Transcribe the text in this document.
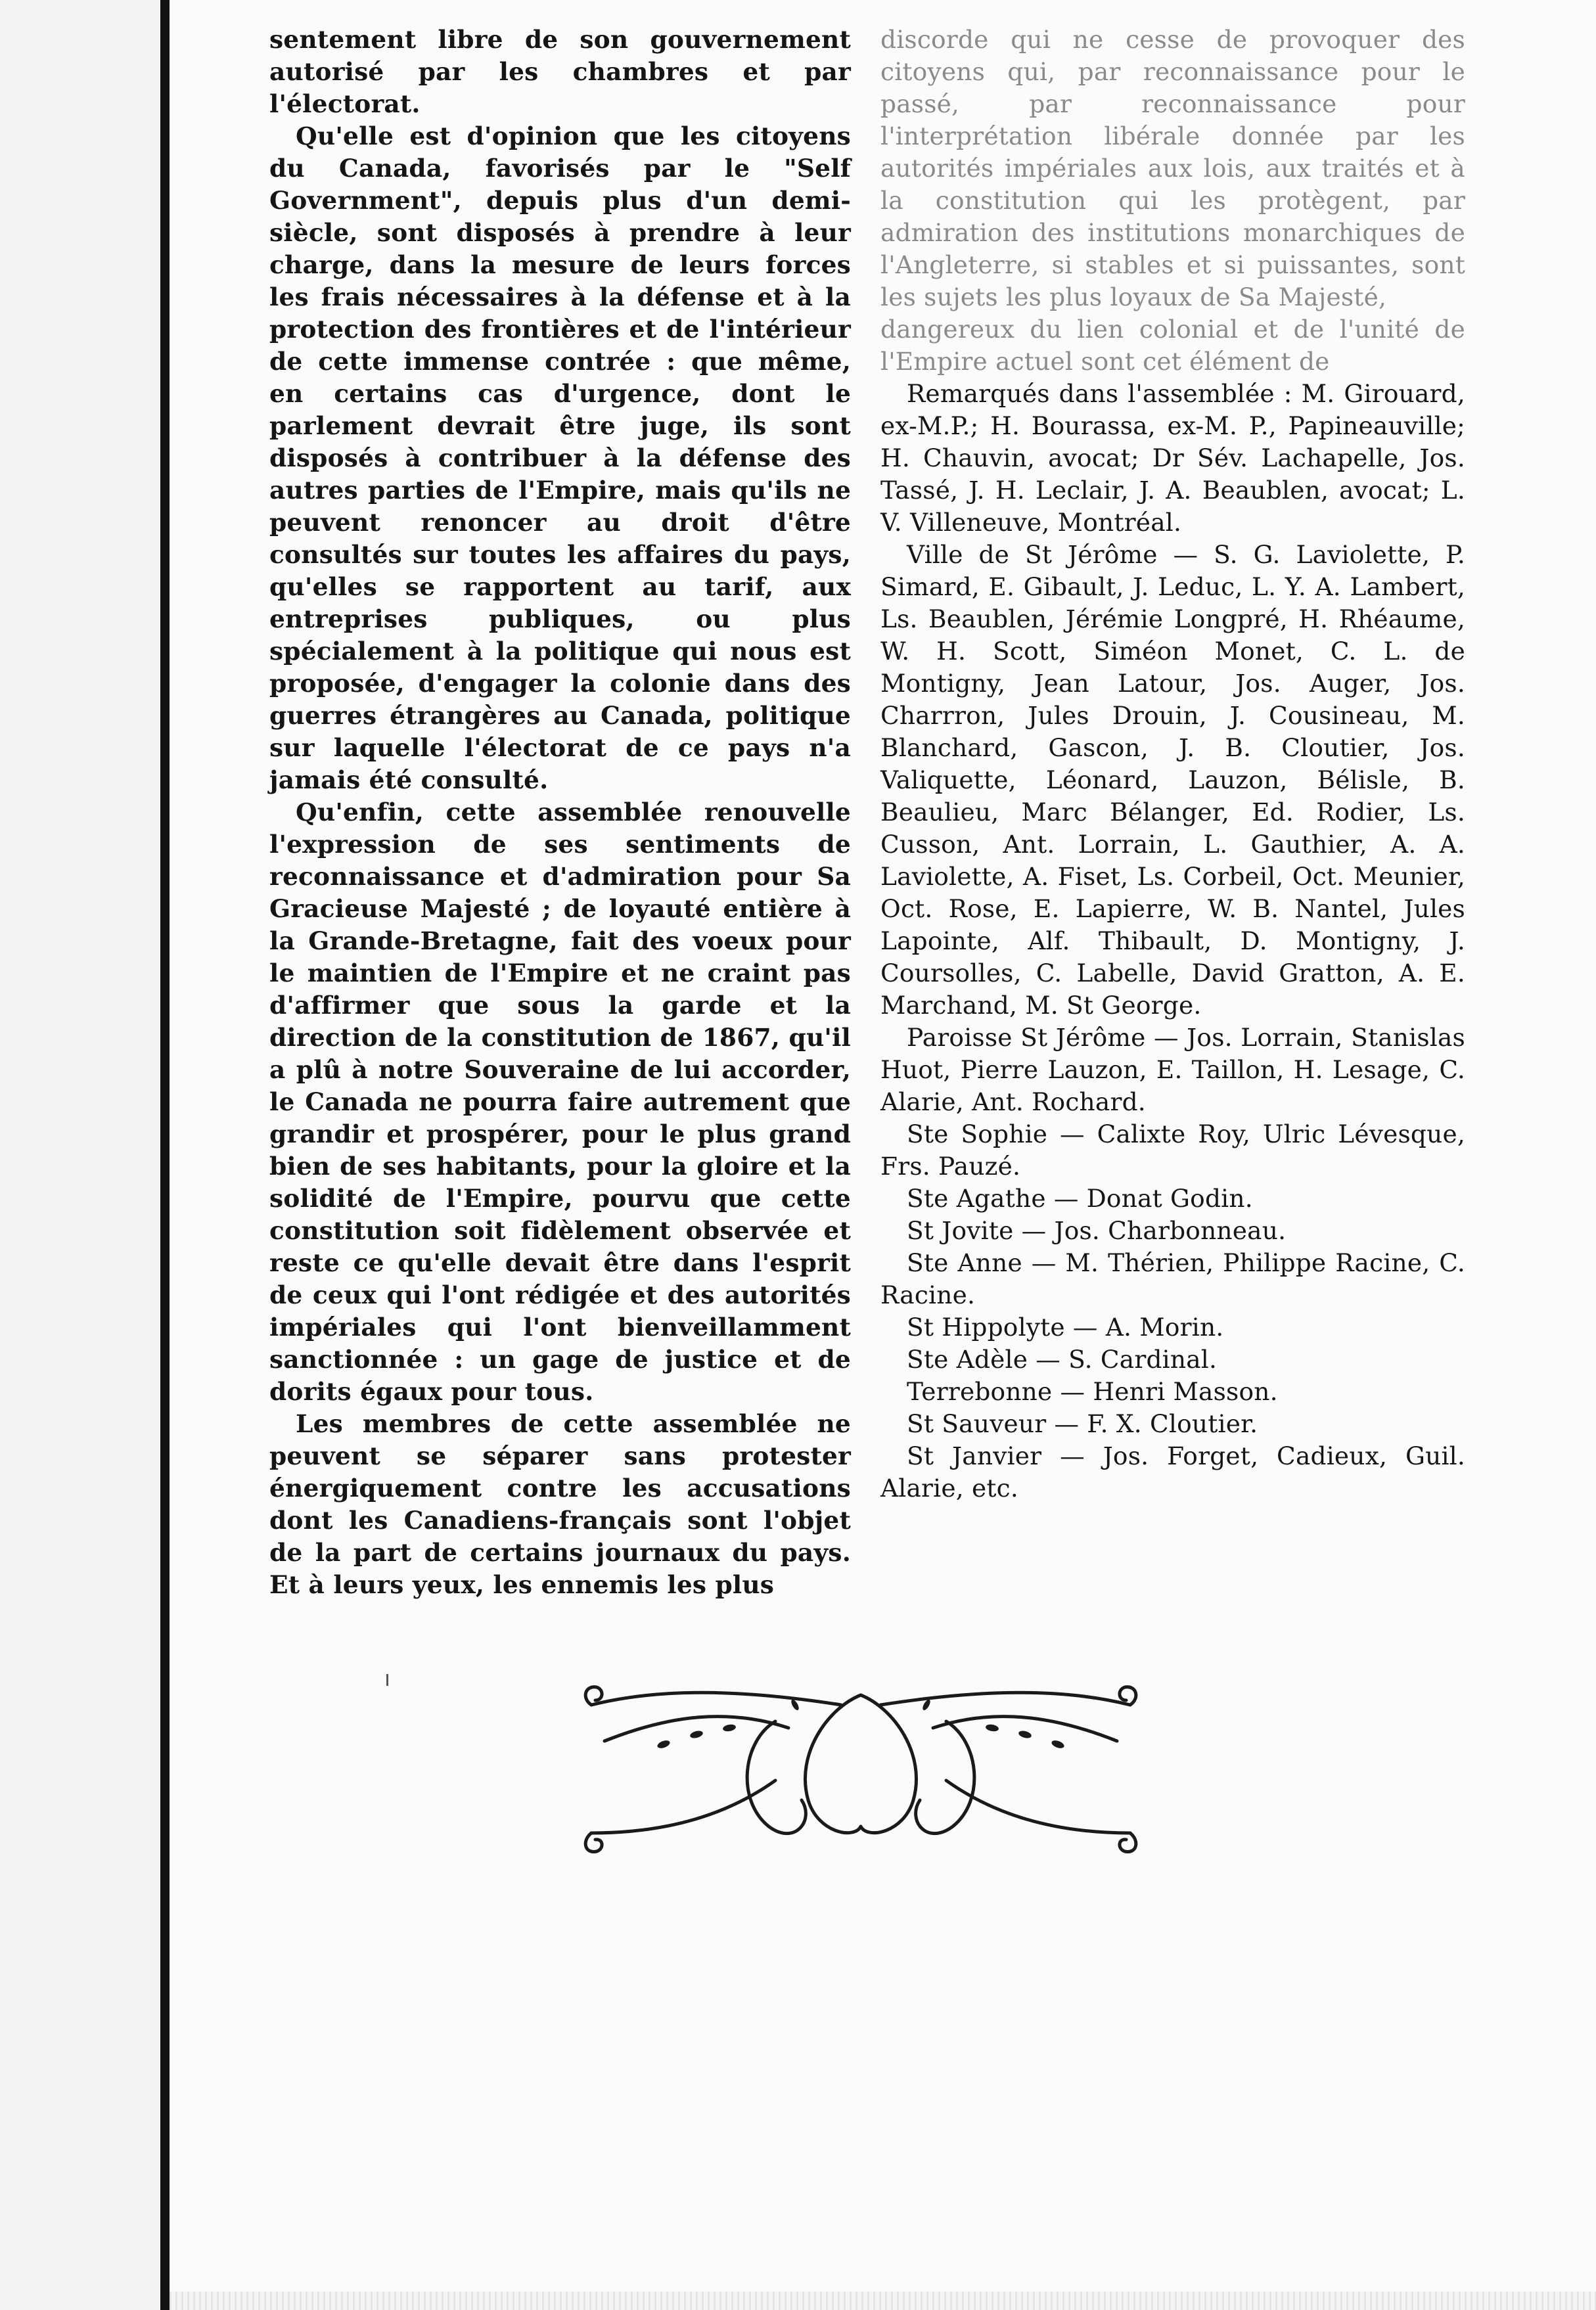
sentement libre de son gouvernement autorisé par les chambres et par l'électorat.

Qu'elle est d'opinion que les citoyens du Canada, favorisés par le "Self Government", depuis plus d'un demi-siècle, sont disposés à prendre à leur charge, dans la mesure de leurs forces les frais nécessaires à la défense et à la protection des frontières et de l'intérieur de cette immense contrée : que même, en certains cas d'urgence, dont le parlement devrait être juge, ils sont disposés à contribuer à la défense des autres parties de l'Empire, mais qu'ils ne peuvent renoncer au droit d'être consultés sur toutes les affaires du pays, qu'elles se rapportent au tarif, aux entreprises publiques, ou plus spécialement à la politique qui nous est proposée, d'engager la colonie dans des guerres étrangères au Canada, politique sur laquelle l'électorat de ce pays n'a jamais été consulté.

Qu'enfin, cette assemblée renouvelle l'expression de ses sentiments de reconnaissance et d'admiration pour Sa Gracieuse Majesté ; de loyauté entière à la Grande-Bretagne, fait des voeux pour le maintien de l'Empire et ne craint pas d'affirmer que sous la garde et la direction de la constitution de 1867, qu'il a plû à notre Souveraine de lui accorder, le Canada ne pourra faire autrement que grandir et prospérer, pour le plus grand bien de ses habitants, pour la gloire et la solidité de l'Empire, pourvu que cette constitution soit fidèlement observée et reste ce qu'elle devait être dans l'esprit de ceux qui l'ont rédigée et des autorités impériales qui l'ont bienveillamment sanctionnée : un gage de justice et de dorits égaux pour tous.

Les membres de cette assemblée ne peuvent se séparer sans protester énergiquement contre les accusations dont les Canadiens-français sont l'objet de la part de certains journaux du pays. Et à leurs yeux, les ennemis les plus

discorde qui ne cesse de provoquer des citoyens qui, par reconnaissance pour le passé, par reconnaissance pour l'interprétation libérale donnée par les autorités impériales aux lois, aux traités et à la constitution qui les protègent, par admiration des institutions monarchiques de l'Angleterre, si stables et si puissantes, sont les sujets les plus loyaux de Sa Majesté,

dangereux du lien colonial et de l'unité de l'Empire actuel sont cet élément de

Remarqués dans l'assemblée : M. Girouard, ex-M.P.; H. Bourassa, ex-M. P., Papineauville; H. Chauvin, avocat; Dr Sév. Lachapelle, Jos. Tassé, J. H. Leclair, J. A. Beaublen, avocat; L. V. Villeneuve, Montréal.

Ville de St Jérôme — S. G. Laviolette, P. Simard, E. Gibault, J. Leduc, L. Y. A. Lambert, Ls. Beaublen, Jérémie Longpré, H. Rhéaume, W. H. Scott, Siméon Monet, C. L. de Montigny, Jean Latour, Jos. Auger, Jos. Charrron, Jules Drouin, J. Cousineau, M. Blanchard, Gascon, J. B. Cloutier, Jos. Valiquette, Léonard, Lauzon, Bélisle, B. Beaulieu, Marc Bélanger, Ed. Rodier, Ls. Cusson, Ant. Lorrain, L. Gauthier, A. A. Laviolette, A. Fiset, Ls. Corbeil, Oct. Meunier, Oct. Rose, E. Lapierre, W. B. Nantel, Jules Lapointe, Alf. Thibault, D. Montigny, J. Coursolles, C. Labelle, David Gratton, A. E. Marchand, M. St George.

Paroisse St Jérôme — Jos. Lorrain, Stanislas Huot, Pierre Lauzon, E. Taillon, H. Lesage, C. Alarie, Ant. Rochard.

Ste Sophie — Calixte Roy, Ulric Lévesque, Frs. Pauzé.

Ste Agathe — Donat Godin.

St Jovite — Jos. Charbonneau.

Ste Anne — M. Thérien, Philippe Racine, C. Racine.

St Hippolyte — A. Morin.

Ste Adèle — S. Cardinal.

Terrebonne — Henri Masson.

St Sauveur — F. X. Cloutier.

St Janvier — Jos. Forget, Cadieux, Guil. Alarie, etc.
